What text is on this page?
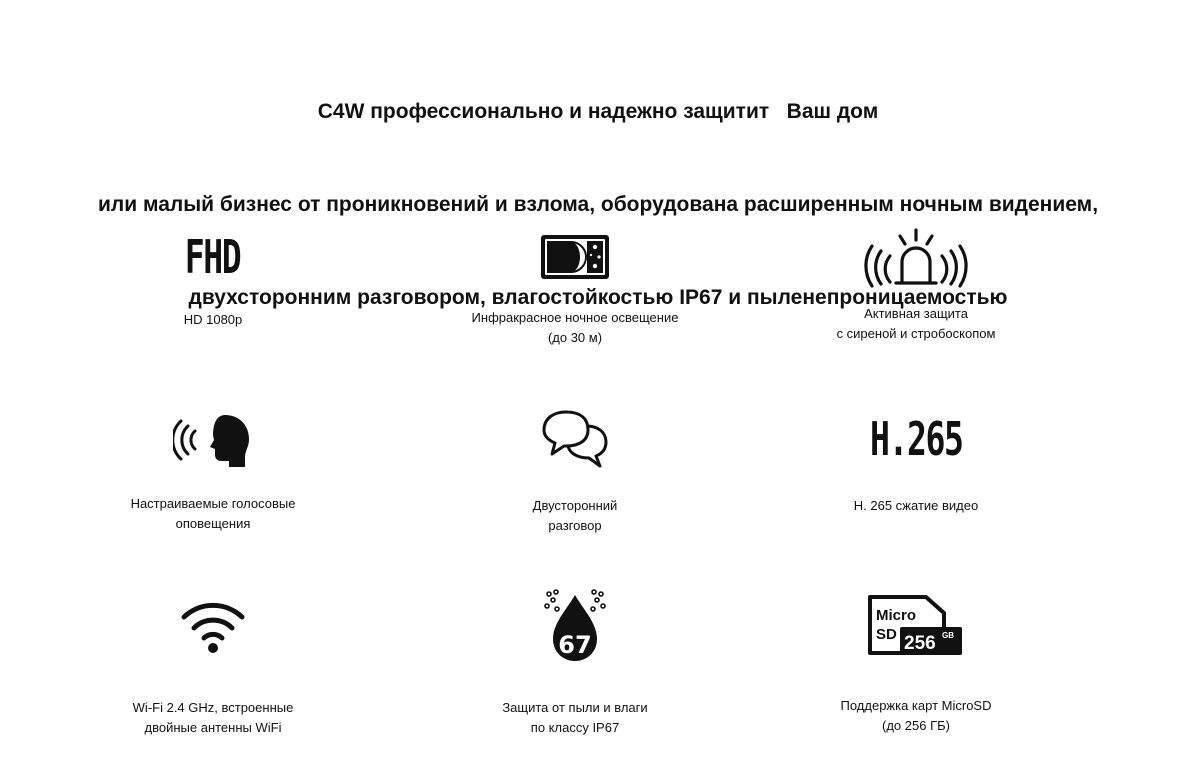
C4W профессионально и надежно защитит   Ваш дом

или малый бизнес от проникновений и взлома, оборудована расширенным ночным видением,

двухсторонним разговором, влагостойкостью IP67 и пыленепроницаемостью

FHD
HD 1080p	Инфракрасное ночное освещение
(до 30 м)
Активная защита
с сиреной и стробоскопом
Настраиваемые голосовые
оповещения
Двусторонний
разговор
H.265
H. 265 сжатие видео
Wi-Fi 2.4 GHz, встроенные
двойные антенны WiFi
67
Защита от пыли и влаги
по классу IP67
Micro
SD 256 GB
Поддержка карт MicroSD
(до 256 ГБ)
